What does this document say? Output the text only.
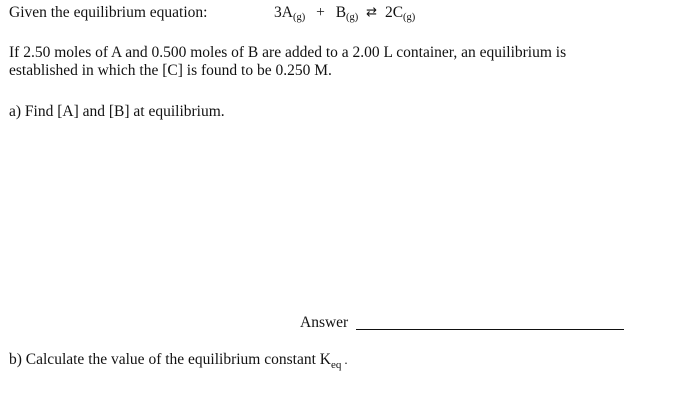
Given the equilibrium equation:	$3A_{(g)} + B_{(g)}$ ⇄ $2C_{(g)}$
If 2.50 moles of A and 0.500 moles of B are added to a 2.00 L container, an equilibrium is
established in which the [C] is found to be 0.250 M.
a) Find [A] and [B] at equilibrium.
Answer
b) Calculate the value of the equilibrium constant $K_{eq}$ .
